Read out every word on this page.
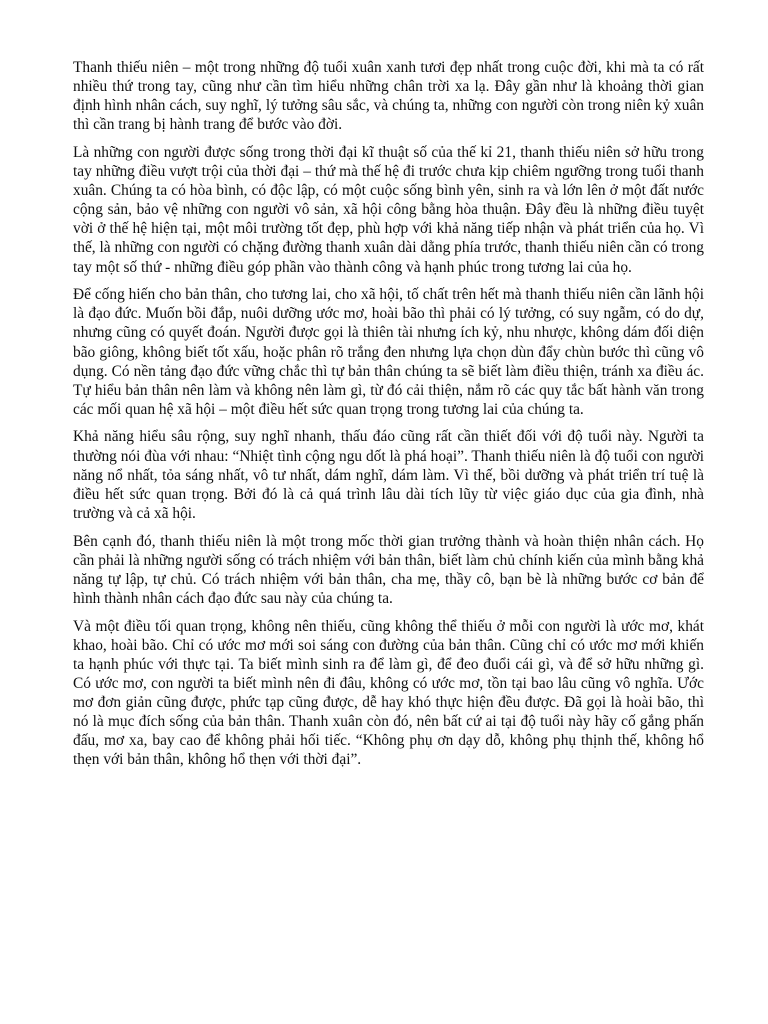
Thanh thiếu niên – một trong những độ tuổi xuân xanh tươi đẹp nhất trong cuộc đời, khi mà ta có rất nhiều thứ trong tay, cũng như cần tìm hiểu những chân trời xa lạ. Đây gần như là khoảng thời gian định hình nhân cách, suy nghĩ, lý tưởng sâu sắc, và chúng ta, những con người còn trong niên kỷ xuân thì cần trang bị hành trang để bước vào đời.

Là những con người được sống trong thời đại kĩ thuật số của thế kỉ 21, thanh thiếu niên sở hữu trong tay những điều vượt trội của thời đại – thứ mà thế hệ đi trước chưa kịp chiêm ngưỡng trong tuổi thanh xuân. Chúng ta có hòa bình, có độc lập, có một cuộc sống bình yên, sinh ra và lớn lên ở một đất nước cộng sản, bảo vệ những con người vô sản, xã hội công bằng hòa thuận. Đây đều là những điều tuyệt vời ở thế hệ hiện tại, một môi trường tốt đẹp, phù hợp với khả năng tiếp nhận và phát triển của họ. Vì thế, là những con người có chặng đường thanh xuân dài dằng phía trước, thanh thiếu niên cần có trong tay một số thứ - những điều góp phần vào thành công và hạnh phúc trong tương lai của họ.

Để cống hiến cho bản thân, cho tương lai, cho xã hội, tố chất trên hết mà thanh thiếu niên cần lãnh hội là đạo đức. Muốn bồi đắp, nuôi dưỡng ước mơ, hoài bão thì phải có lý tưởng, có suy ngẫm, có do dự, nhưng cũng có quyết đoán. Người được gọi là thiên tài nhưng ích kỷ, nhu nhược, không dám đối diện bão giông, không biết tốt xấu, hoặc phân rõ trắng đen nhưng lựa chọn dùn đẩy chùn bước thì cũng vô dụng. Có nền tảng đạo đức vững chắc thì tự bản thân chúng ta sẽ biết làm điều thiện, tránh xa điều ác. Tự hiểu bản thân nên làm và không nên làm gì, từ đó cải thiện, nắm rõ các quy tắc bất hành văn trong các mối quan hệ xã hội – một điều hết sức quan trọng trong tương lai của chúng ta.

Khả năng hiểu sâu rộng, suy nghĩ nhanh, thấu đáo cũng rất cần thiết đối với độ tuổi này. Người ta thường nói đùa với nhau: “Nhiệt tình cộng ngu dốt là phá hoại”. Thanh thiếu niên là độ tuổi con người năng nổ nhất, tỏa sáng nhất, vô tư nhất, dám nghĩ, dám làm. Vì thế, bồi dưỡng và phát triển trí tuệ là điều hết sức quan trọng. Bởi đó là cả quá trình lâu dài tích lũy từ việc giáo dục của gia đình, nhà trường và cả xã hội.

Bên cạnh đó, thanh thiếu niên là một trong mốc thời gian trưởng thành và hoàn thiện nhân cách. Họ cần phải là những người sống có trách nhiệm với bản thân, biết làm chủ chính kiến của mình bằng khả năng tự lập, tự chủ. Có trách nhiệm với bản thân, cha mẹ, thầy cô, bạn bè là những bước cơ bản để hình thành nhân cách đạo đức sau này của chúng ta.

Và một điều tối quan trọng, không nên thiếu, cũng không thể thiếu ở mỗi con người là ước mơ, khát khao, hoài bão. Chỉ có ước mơ mới soi sáng con đường của bản thân. Cũng chỉ có ước mơ mới khiến ta hạnh phúc với thực tại. Ta biết mình sinh ra để làm gì, để đeo đuổi cái gì, và để sở hữu những gì. Có ước mơ, con người ta biết mình nên đi đâu, không có ước mơ, tồn tại bao lâu cũng vô nghĩa. Ước mơ đơn giản cũng được, phức tạp cũng được, dễ hay khó thực hiện đều được. Đã gọi là hoài bão, thì nó là mục đích sống của bản thân. Thanh xuân còn đó, nên bất cứ ai tại độ tuổi này hãy cố gắng phấn đấu, mơ xa, bay cao để không phải hối tiếc. “Không phụ ơn dạy dỗ, không phụ thịnh thế, không hổ thẹn với bản thân, không hổ thẹn với thời đại”.
